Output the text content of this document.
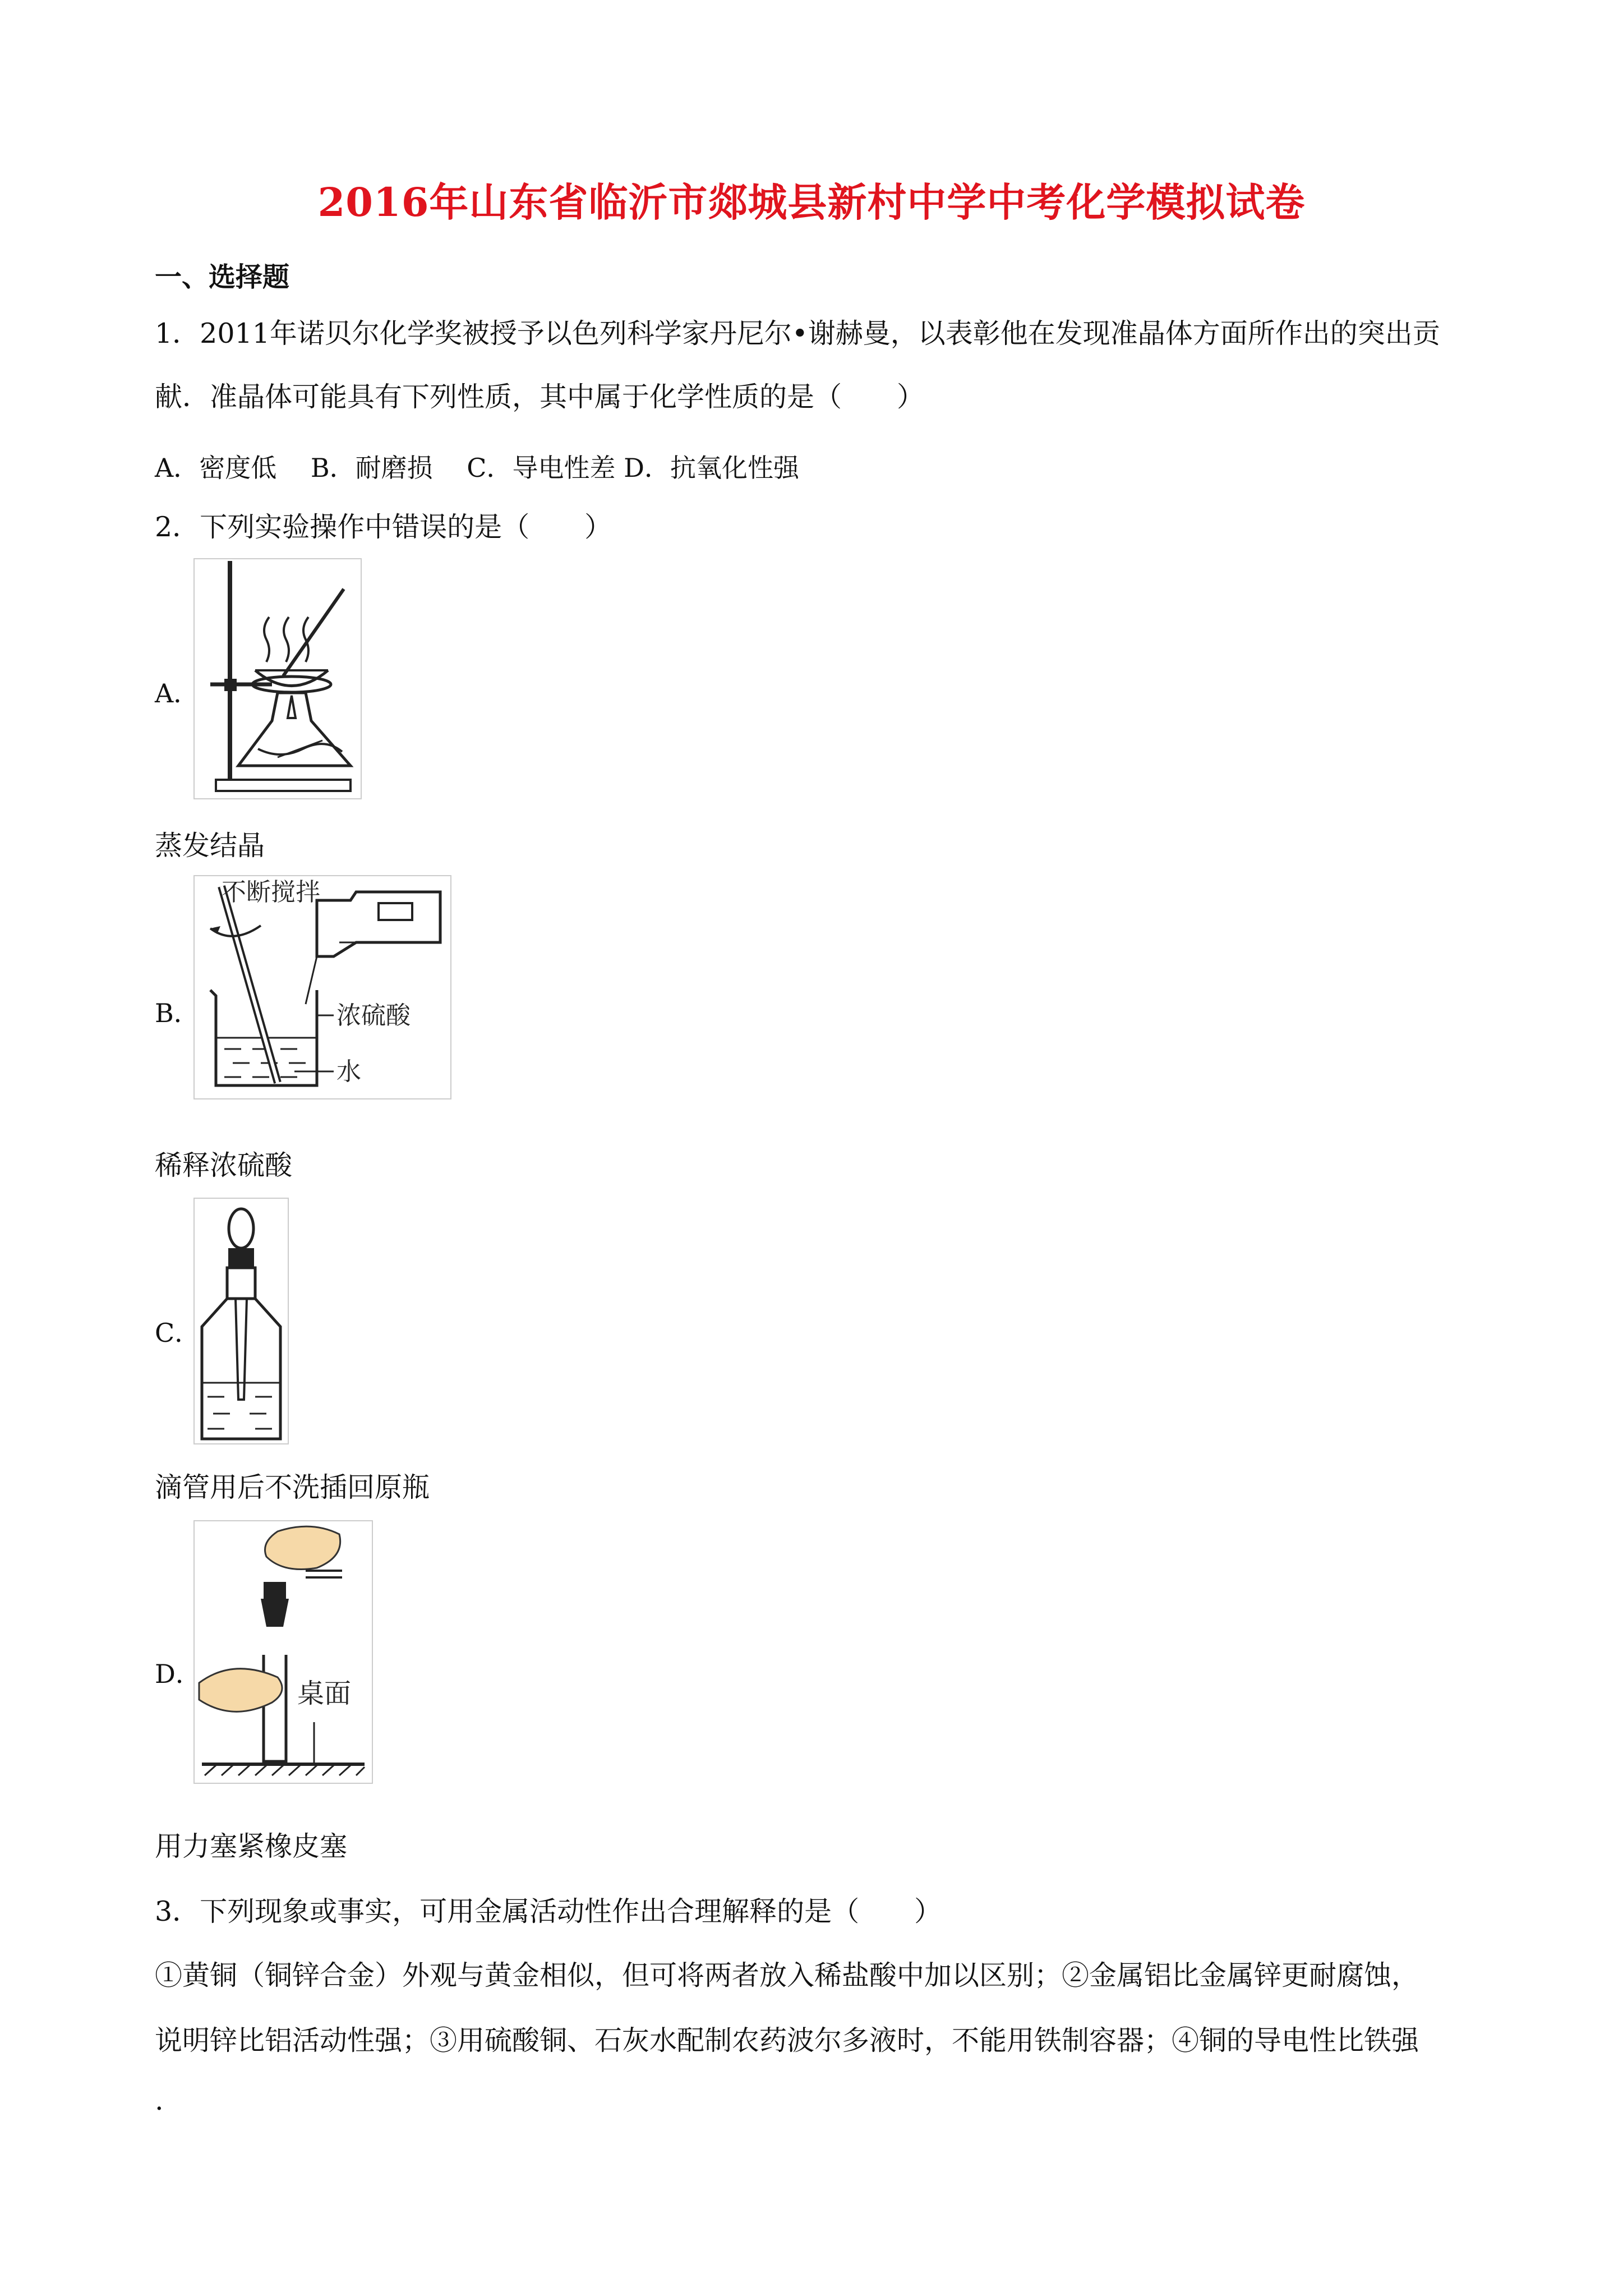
2016年山东省临沂市郯城县新村中学中考化学模拟试卷
一、选择题
1．2011年诺贝尔化学奖被授予以色列科学家丹尼尔•谢赫曼，以表彰他在发现准晶体方面所作出的突出贡
献．准晶体可能具有下列性质，其中属于化学性质的是（　　）
A．密度低　 B．耐磨损　 C．导电性差 D．抗氧化性强
2．下列实验操作中错误的是（　　）
A．
蒸发结晶
B．
不断搅拌
浓硫酸
水
稀释浓硫酸
C．
滴管用后不洗插回原瓶
D．
桌面
用力塞紧橡皮塞
3．下列现象或事实，可用金属活动性作出合理解释的是（　　）
①黄铜（铜锌合金）外观与黄金相似，但可将两者放入稀盐酸中加以区别；②金属铝比金属锌更耐腐蚀，
说明锌比铝活动性强；③用硫酸铜、石灰水配制农药波尔多液时，不能用铁制容器；④铜的导电性比铁强
.
